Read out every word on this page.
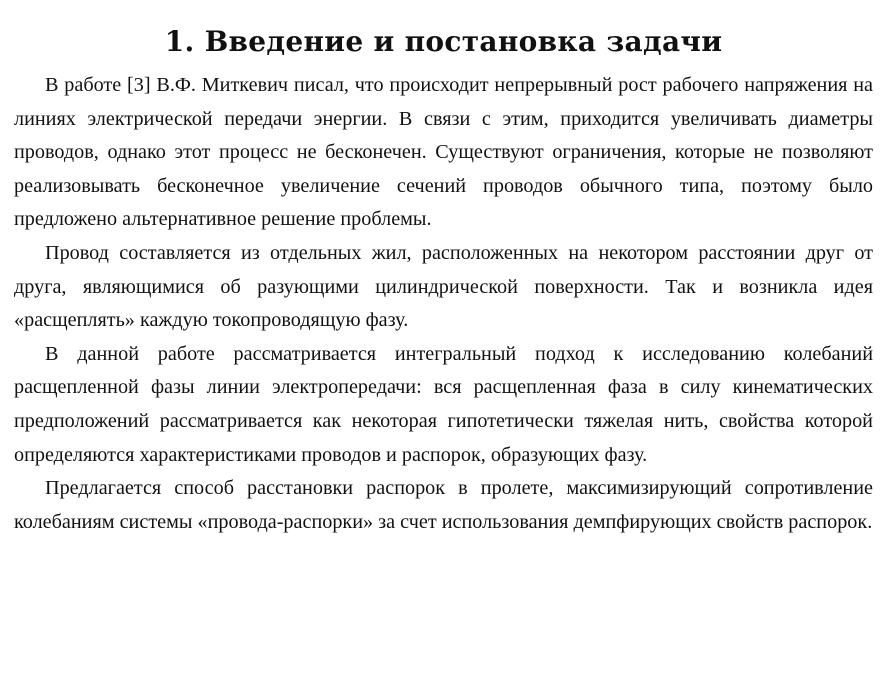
1. Введение и постановка задачи

В работе [3] В.Ф. Миткевич писал, что происходит непрерывный рост рабочего напряжения на линиях электрической передачи энергии. В связи с этим, приходится увеличивать диаметры проводов, однако этот процесс не бесконечен. Существуют ограничения, которые не позволяют реализовывать бесконечное увеличение сечений проводов обычного типа, поэтому было предложено альтернативное решение проблемы.

Провод составляется из отдельных жил, расположенных на некотором расстоянии друг от друга, являющимися об разующими цилиндрической поверхности. Так и возникла идея «расщеплять» каждую токопроводящую фазу.

В данной работе рассматривается интегральный подход к исследованию колебаний расщепленной фазы линии электропередачи: вся расщепленная фаза в силу кинематических предположений рассматривается как некоторая гипотетически тяжелая нить, свойства которой определяются характеристиками проводов и распорок, образующих фазу.

Предлагается способ расстановки распорок в пролете, максимизирующий сопротивление колебаниям системы «провода-распорки» за счет использования демпфирующих свойств распорок.
